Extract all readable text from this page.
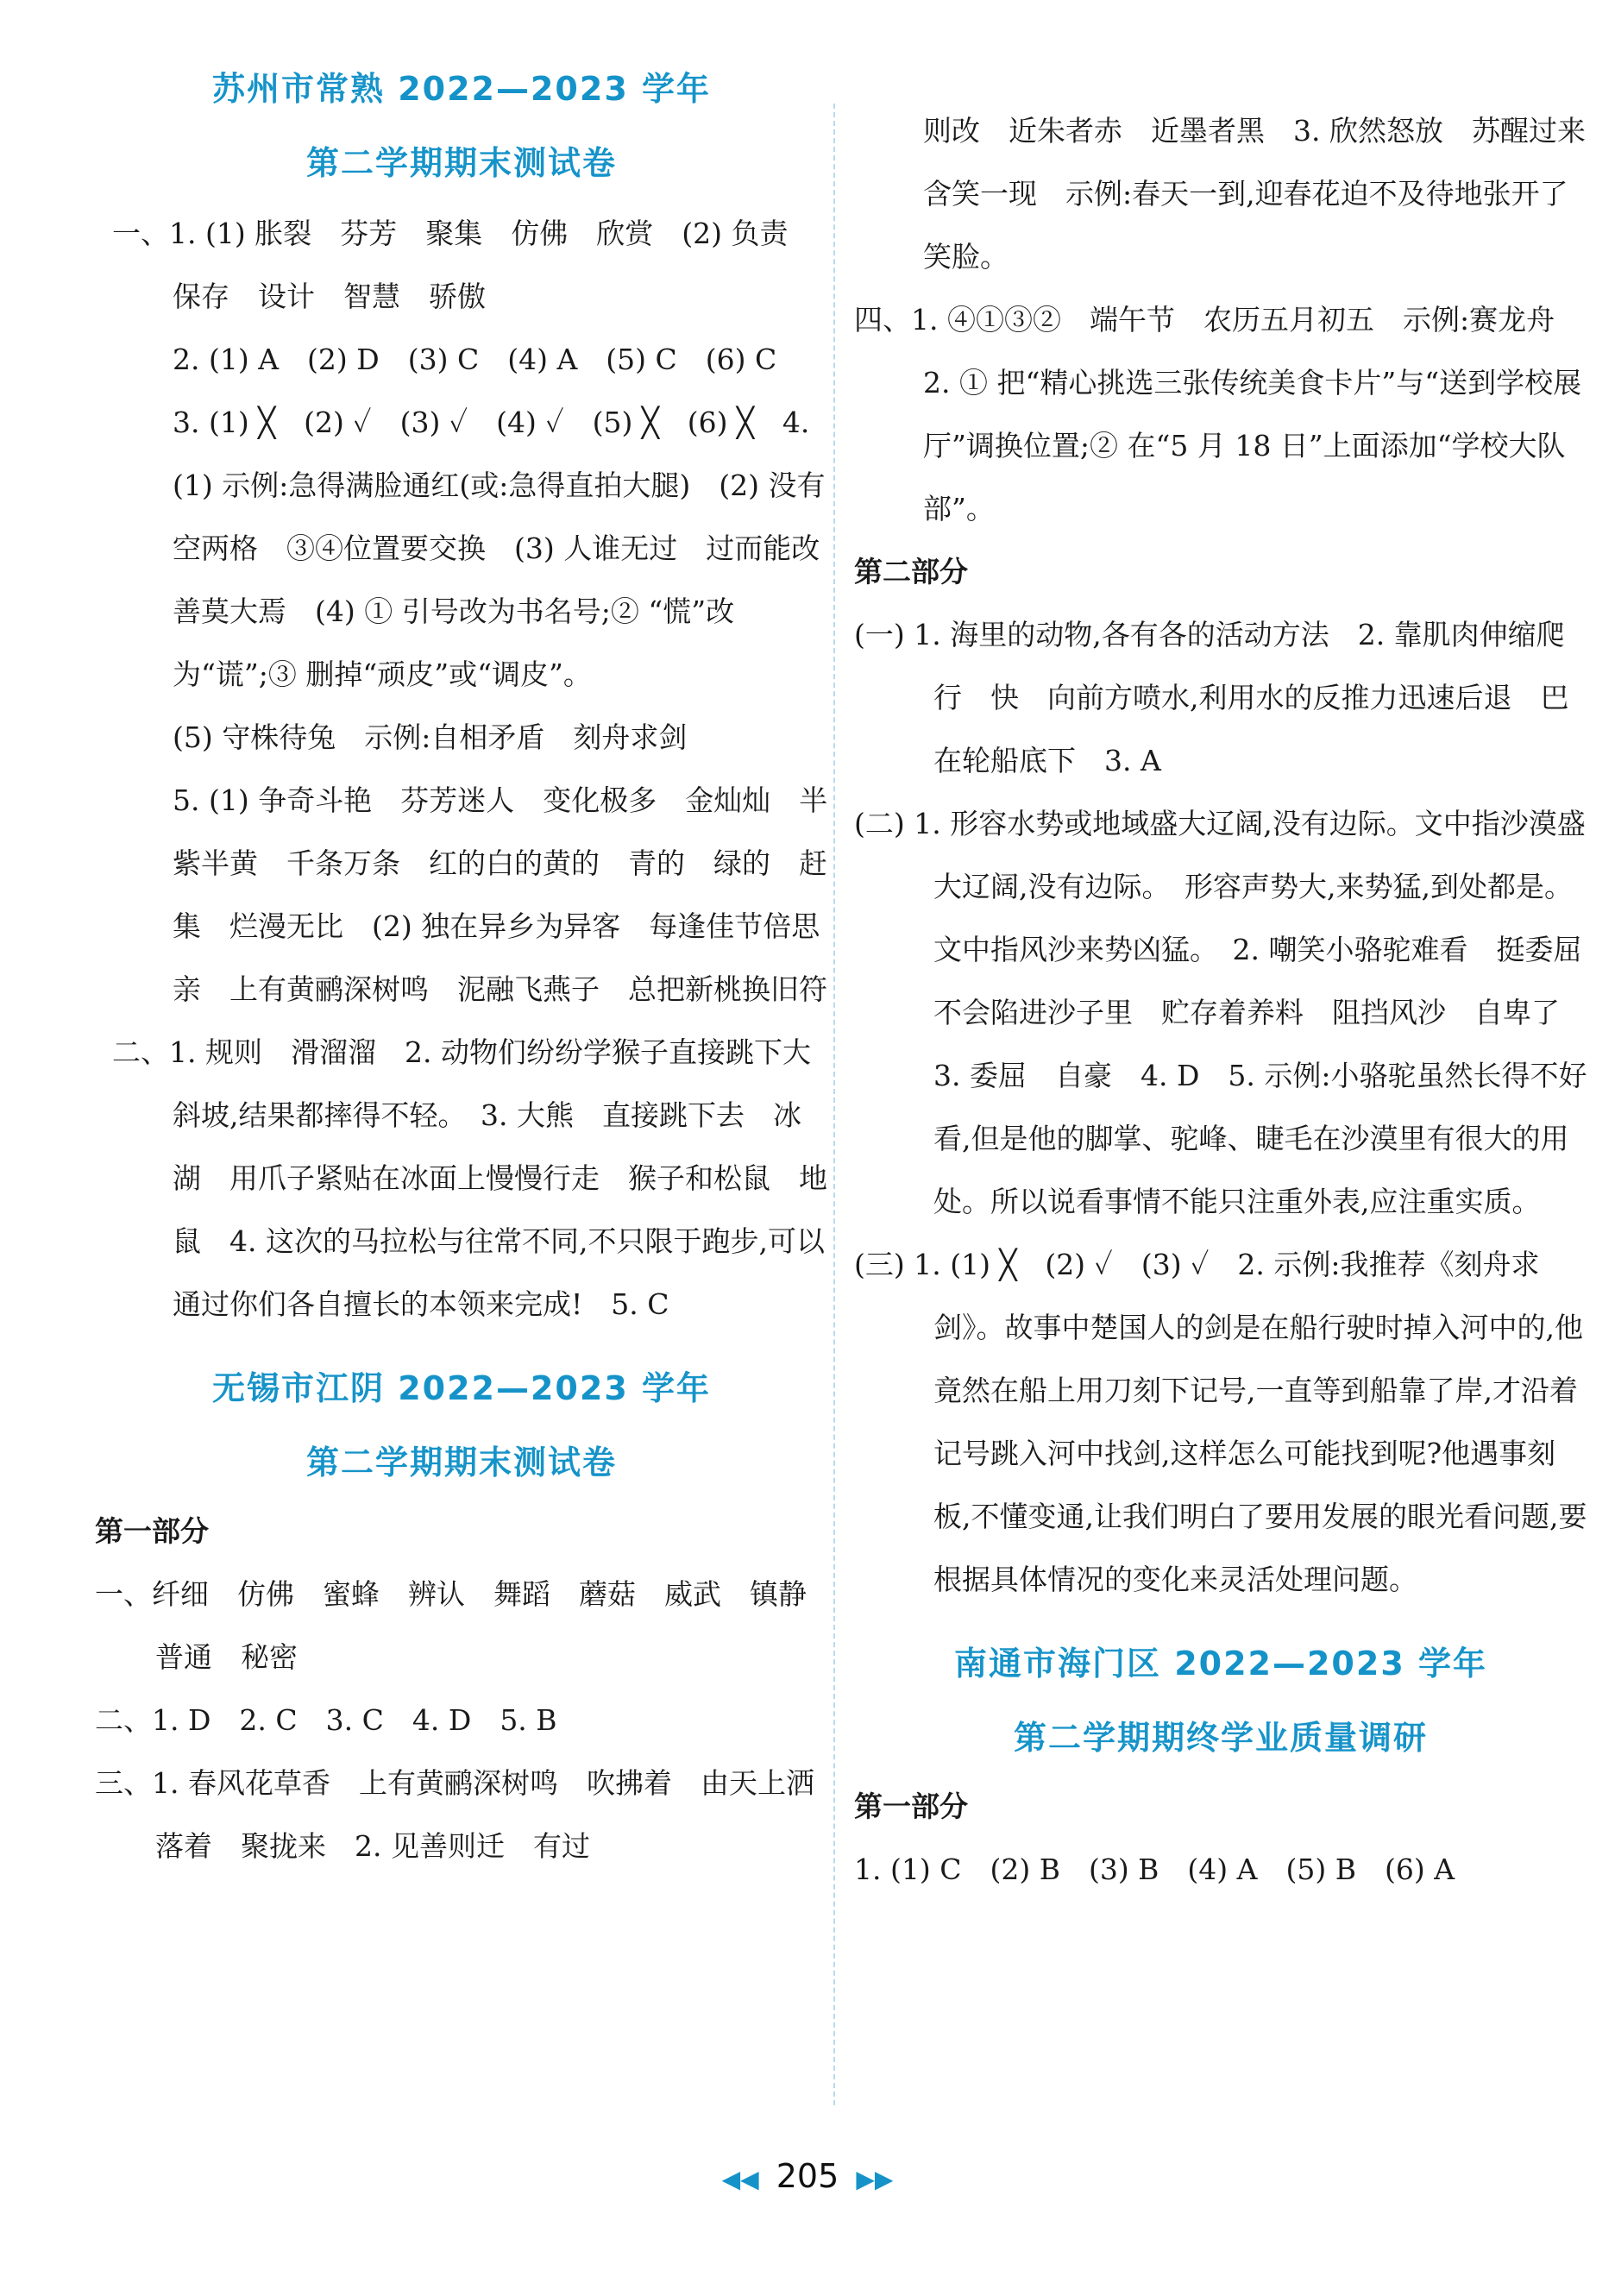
苏州市常熟 2022—2023 学年

第二学期期末测试卷

一、1. (1) 胀裂　芬芳　聚集　仿佛　欣赏　(2) 负责　保存　设计　智慧　骄傲

2. (1) A　(2) D　(3) C　(4) A　(5) C　(6) C　3. (1) ╳　(2) ✓　(3) ✓　(4) ✓　(5) ╳　(6) ╳　4. (1) 示例:急得满脸通红(或:急得直拍大腿)　(2) 没有空两格　③④位置要交换　(3) 人谁无过　过而能改　善莫大焉　(4) ① 引号改为书名号;② “慌”改为“谎”;③ 删掉“顽皮”或“调皮”。

(5) 守株待兔　示例:自相矛盾　刻舟求剑

5. (1) 争奇斗艳　芬芳迷人　变化极多　金灿灿　半紫半黄　千条万条　红的白的黄的　青的　绿的　赶集　烂漫无比　(2) 独在异乡为异客　每逢佳节倍思亲　上有黄鹂深树鸣　泥融飞燕子　总把新桃换旧符

二、1. 规则　滑溜溜　2. 动物们纷纷学猴子直接跳下大斜坡,结果都摔得不轻。　3. 大熊　直接跳下去　冰湖　用爪子紧贴在冰面上慢慢行走　猴子和松鼠　地鼠　4. 这次的马拉松与往常不同,不只限于跑步,可以通过你们各自擅长的本领来完成!　5. C

无锡市江阴 2022—2023 学年

第二学期期末测试卷

第一部分

一、纤细　仿佛　蜜蜂　辨认　舞蹈　蘑菇　威武　镇静　普通　秘密

二、1. D　2. C　3. C　4. D　5. B

三、1. 春风花草香　上有黄鹂深树鸣　吹拂着　由天上洒落着　聚拢来　2. 见善则迁　有过

则改　近朱者赤　近墨者黑　3. 欣然怒放　苏醒过来　含笑一现　示例:春天一到,迎春花迫不及待地张开了笑脸。

四、1. ④①③②　端午节　农历五月初五　示例:赛龙舟　2. ① 把“精心挑选三张传统美食卡片”与“送到学校展厅”调换位置;② 在“5 月 18 日”上面添加“学校大队部”。

第二部分

(一) 1. 海里的动物,各有各的活动方法　2. 靠肌肉伸缩爬行　快　向前方喷水,利用水的反推力迅速后退　巴在轮船底下　3. A

(二) 1. 形容水势或地域盛大辽阔,没有边际。文中指沙漠盛大辽阔,没有边际。　形容声势大,来势猛,到处都是。文中指风沙来势凶猛。　2. 嘲笑小骆驼难看　挺委屈　不会陷进沙子里　贮存着养料　阻挡风沙　自卑了　3. 委屈　自豪　4. D　5. 示例:小骆驼虽然长得不好看,但是他的脚掌、驼峰、睫毛在沙漠里有很大的用处。所以说看事情不能只注重外表,应注重实质。

(三) 1. (1) ╳　(2) ✓　(3) ✓　2. 示例:我推荐《刻舟求剑》。故事中楚国人的剑是在船行驶时掉入河中的,他竟然在船上用刀刻下记号,一直等到船靠了岸,才沿着记号跳入河中找剑,这样怎么可能找到呢?他遇事刻板,不懂变通,让我们明白了要用发展的眼光看问题,要根据具体情况的变化来灵活处理问题。

南通市海门区 2022—2023 学年

第二学期期终学业质量调研

第一部分

1. (1) C　(2) B　(3) B　(4) A　(5) B　(6) A

◀◀ 205 ▶▶
